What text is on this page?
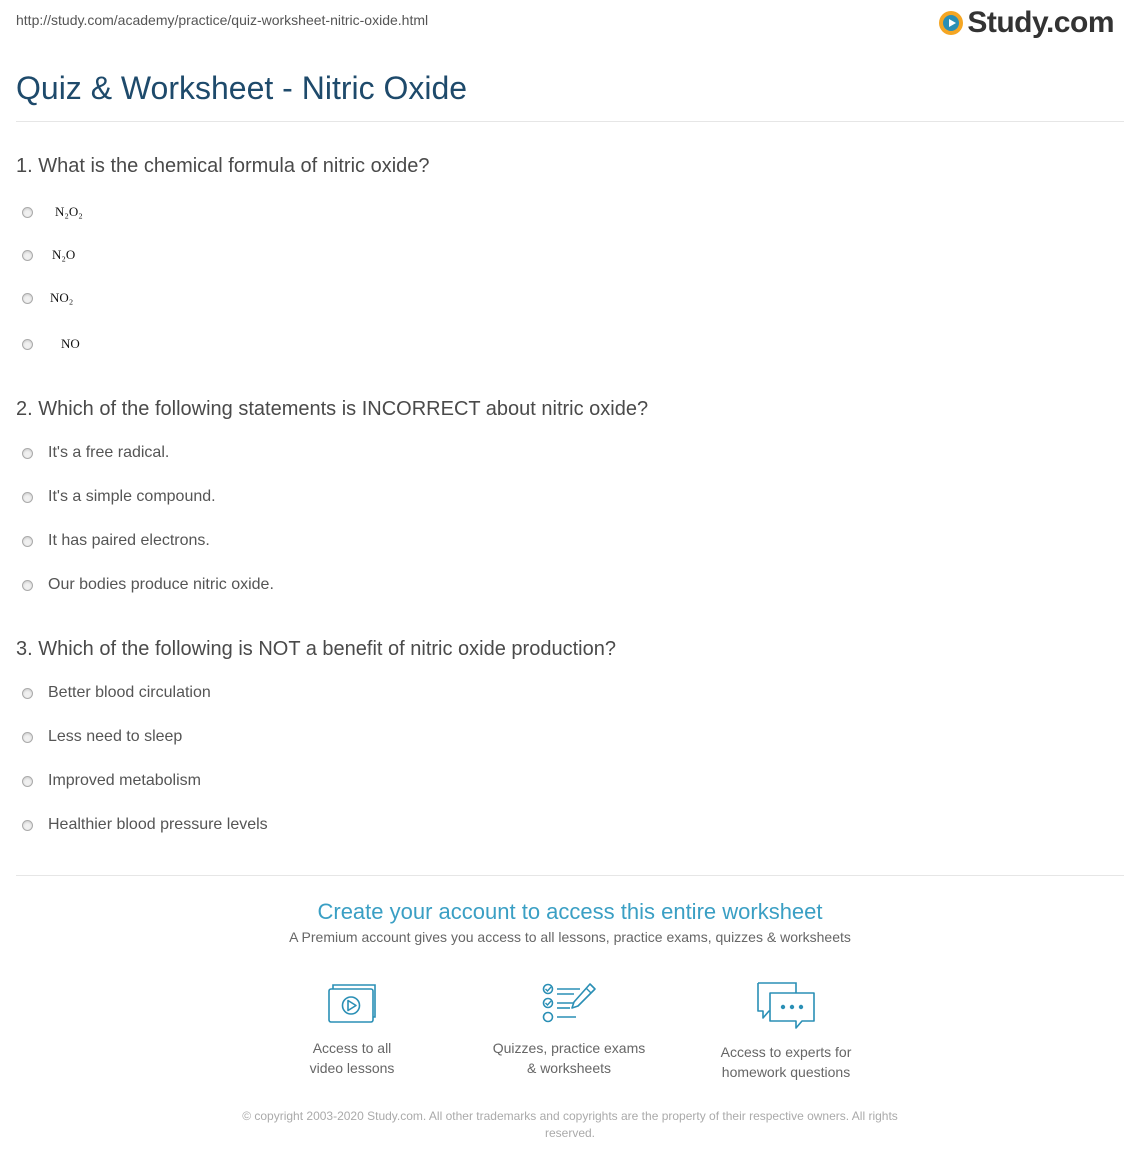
http://study.com/academy/practice/quiz-worksheet-nitric-oxide.html	Study.com
Quiz & Worksheet - Nitric Oxide
1. What is the chemical formula of nitric oxide?
N₂O₂
N₂O
NO₂
NO
2. Which of the following statements is INCORRECT about nitric oxide?
It's a free radical.
It's a simple compound.
It has paired electrons.
Our bodies produce nitric oxide.
3. Which of the following is NOT a benefit of nitric oxide production?
Better blood circulation
Less need to sleep
Improved metabolism
Healthier blood pressure levels
Create your account to access this entire worksheet
A Premium account gives you access to all lessons, practice exams, quizzes & worksheets
Access to all
video lessons
Quizzes, practice exams
& worksheets
Access to experts for
homework questions
© copyright 2003-2020 Study.com. All other trademarks and copyrights are the property of their respective owners. All rights
reserved.
